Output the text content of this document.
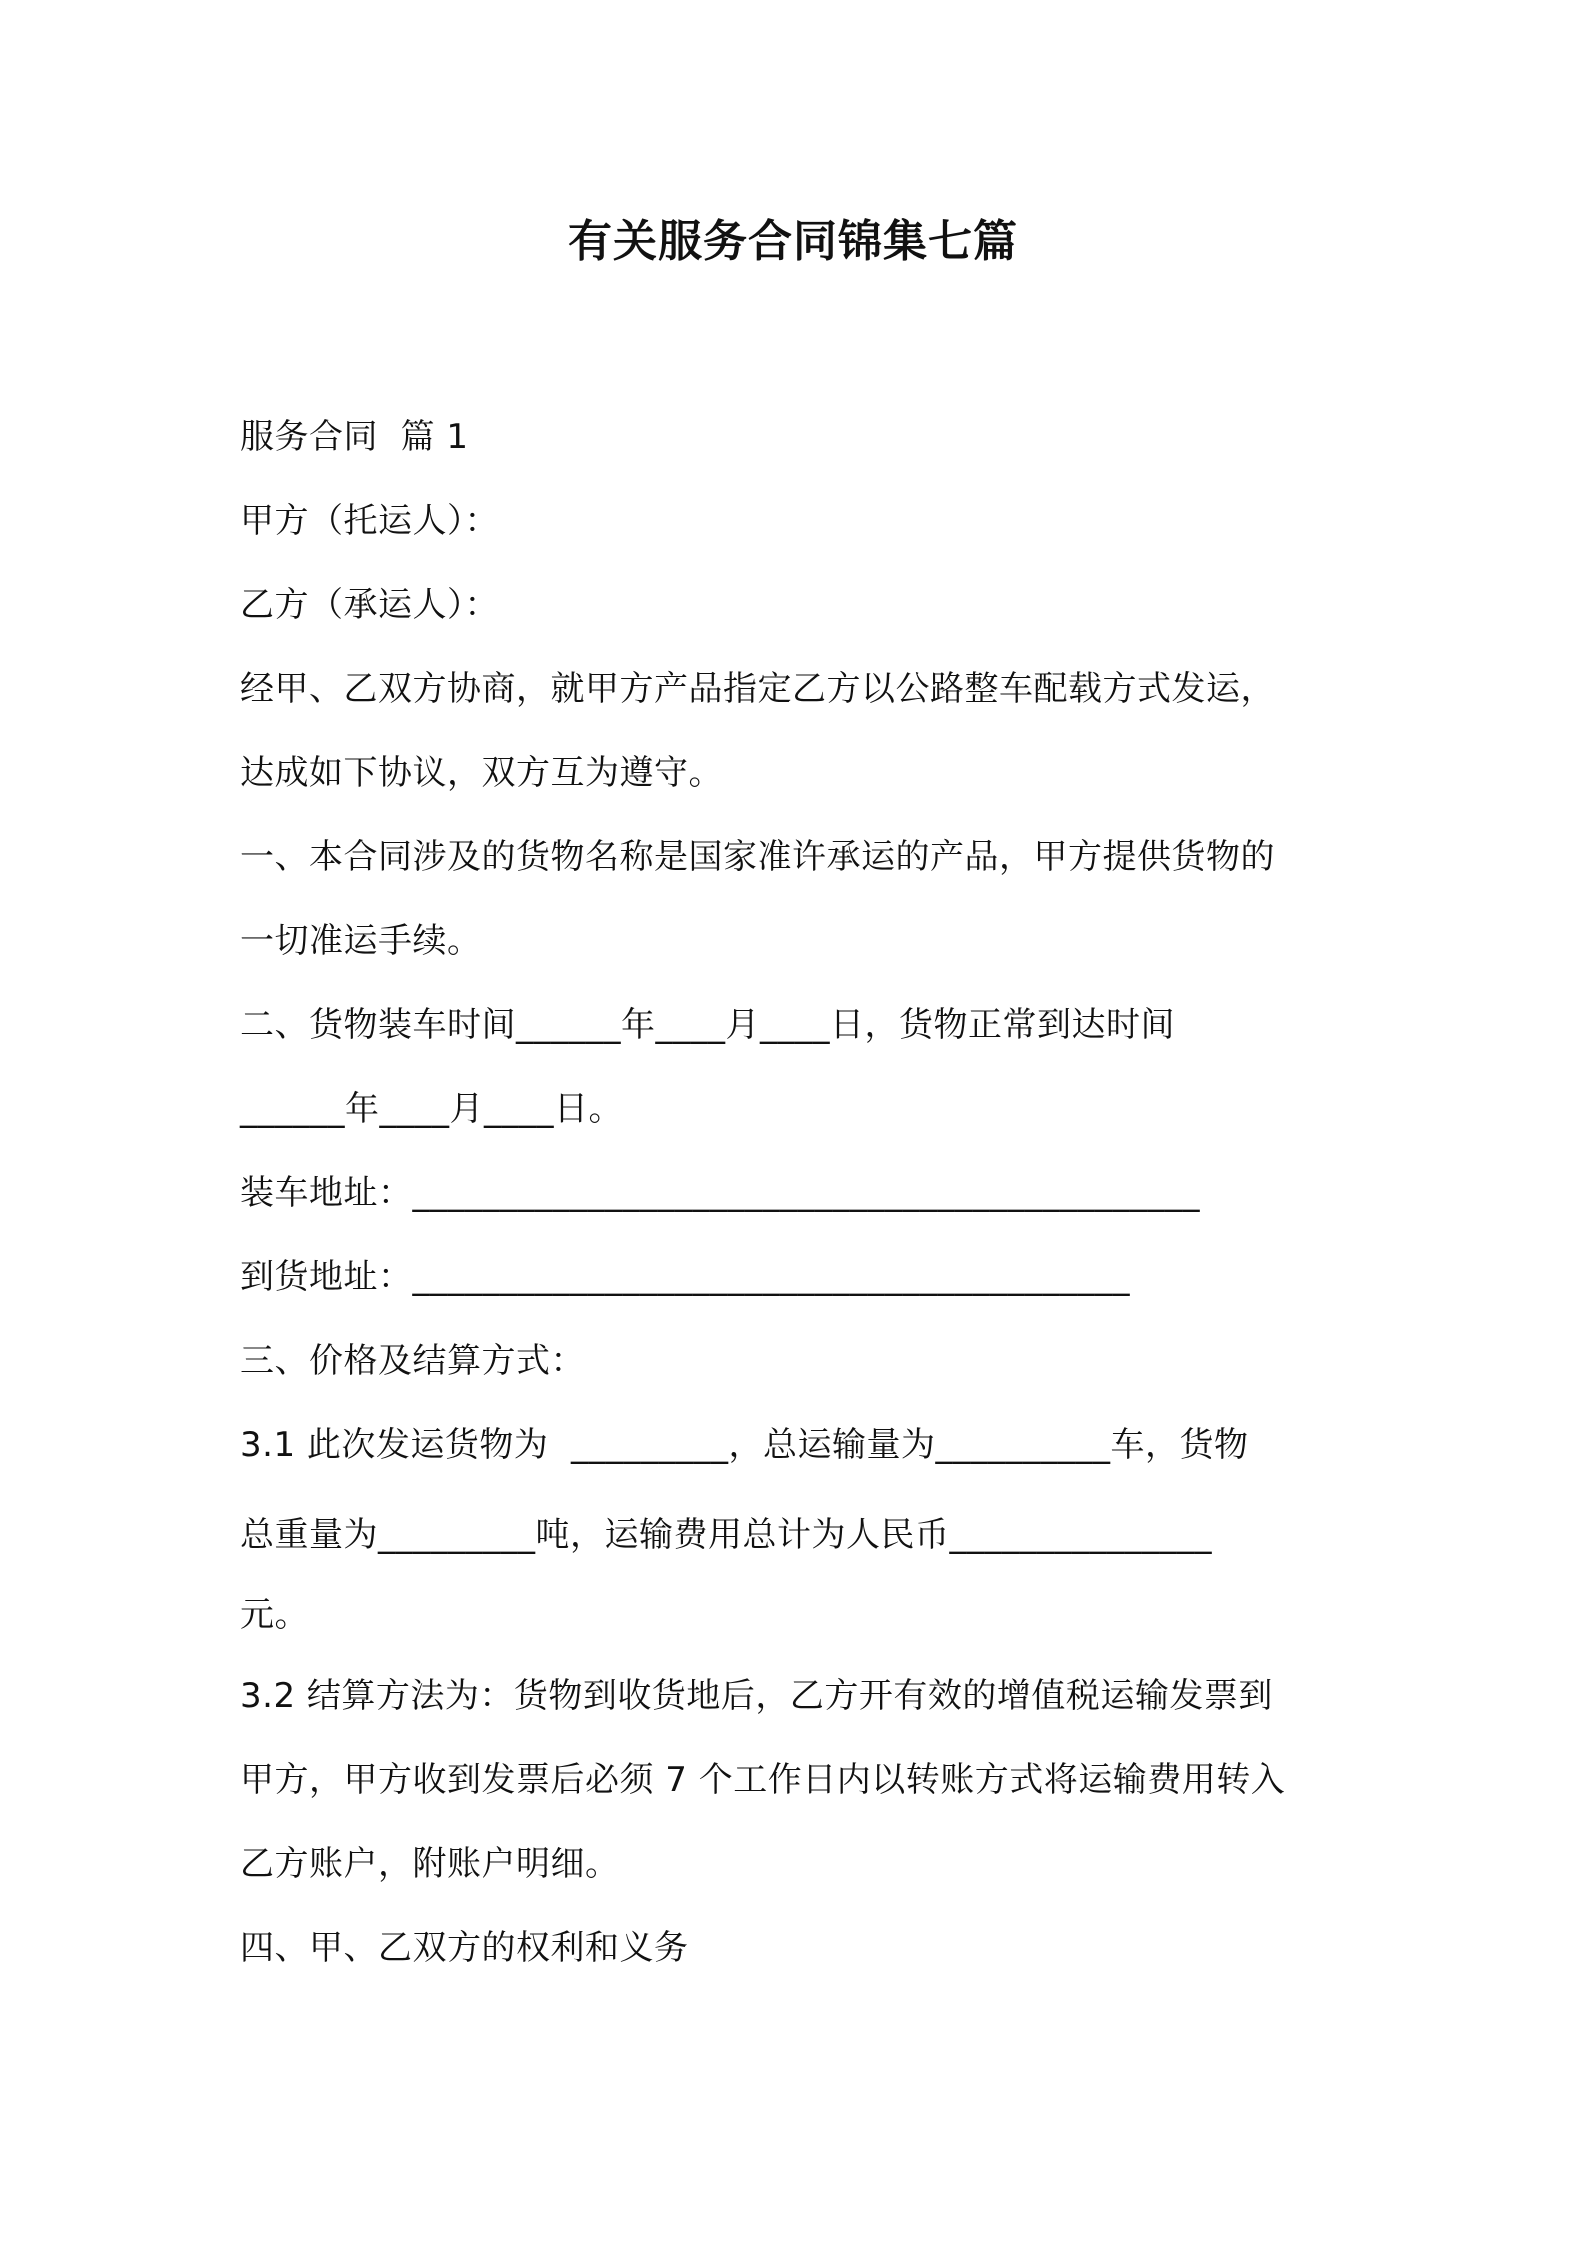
有关服务合同锦集七篇
服务合同  篇 1
甲方（托运人）：
乙方（承运人）：
经甲、乙双方协商，就甲方产品指定乙方以公路整车配载方式发运，
达成如下协议，双方互为遵守。
一、本合同涉及的货物名称是国家准许承运的产品，甲方提供货物的
一切准运手续。
二、货物装车时间______年____月____日，货物正常到达时间
______年____月____日。
装车地址：_____________________________________________
到货地址：_________________________________________
三、价格及结算方式：
3.1 此次发运货物为  _________，总运输量为__________车，货物
总重量为_________吨，运输费用总计为人民币_______________
元。
3.2 结算方法为：货物到收货地后，乙方开有效的增值税运输发票到
甲方，甲方收到发票后必须 7 个工作日内以转账方式将运输费用转入
乙方账户，附账户明细。
四、甲、乙双方的权利和义务
